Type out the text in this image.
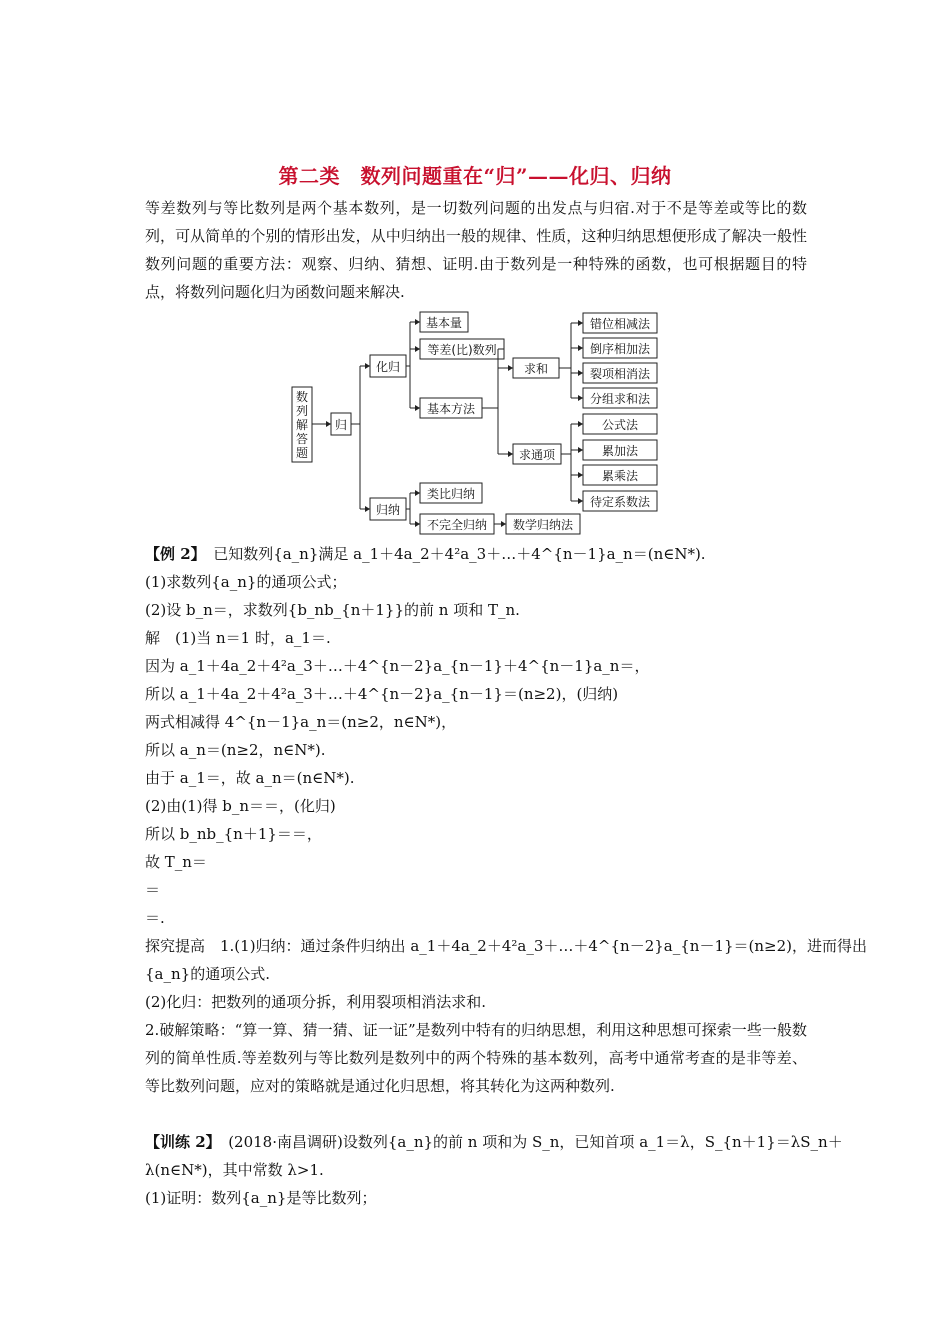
第二类　数列问题重在“归”——化归、归纳
等差数列与等比数列是两个基本数列，是一切数列问题的出发点与归宿.对于不是等差或等比的数列，可从简单的个别的情形出发，从中归纳出一般的规律、性质，这种归纳思想便形成了解决一般性数列问题的重要方法：观察、归纳、猜想、证明.由于数列是一种特殊的函数，也可根据题目的特点，将数列问题化归为函数问题来解决.
数列解答题
归
化归
归纳
基本量
等差(比)数列
基本方法
求和
求通项
错位相减法
倒序相加法
裂项相消法
分组求和法
公式法
累加法
累乘法
待定系数法
类比归纳
不完全归纳 数学归纳法
【例 2】　 已知数列{a_n}满足 a_1＋4a_2＋4²a_3＋…＋4^{n－1}a_n＝(n∈N*).
(1)求数列{a_n}的通项公式；
(2)设 b_n＝，求数列{b_nb_{n＋1}}的前 n 项和 T_n.
解　(1)当 n＝1 时，a_1＝.
因为 a_1＋4a_2＋4²a_3＋…＋4^{n－2}a_{n－1}＋4^{n－1}a_n＝，
所以 a_1＋4a_2＋4²a_3＋…＋4^{n－2}a_{n－1}＝(n≥2)，(归纳)
两式相减得 4^{n－1}a_n＝(n≥2，n∈N*)，
所以 a_n＝(n≥2，n∈N*).
由于 a_1＝，故 a_n＝(n∈N*).
(2)由(1)得 b_n＝＝，(化归)
所以 b_nb_{n＋1}＝＝，
故 T_n＝
＝
＝.
探究提高　1.(1)归纳：通过条件归纳出 a_1＋4a_2＋4²a_3＋…＋4^{n－2}a_{n－1}＝(n≥2)，进而得出
{a_n}的通项公式.
(2)化归：把数列的通项分拆，利用裂项相消法求和.
2.破解策略：“算一算、猜一猜、证一证”是数列中特有的归纳思想，利用这种思想可探索一些一般数列的简单性质.等差数列与等比数列是数列中的两个特殊的基本数列，高考中通常考查的是非等差、等比数列问题，应对的策略就是通过化归思想，将其转化为这两种数列.
【训练 2】　 (2018·南昌调研)设数列{a_n}的前 n 项和为 S_n，已知首项 a_1＝λ，S_{n＋1}＝λS_n＋
λ(n∈N*)，其中常数 λ>1.
(1)证明：数列{a_n}是等比数列；
